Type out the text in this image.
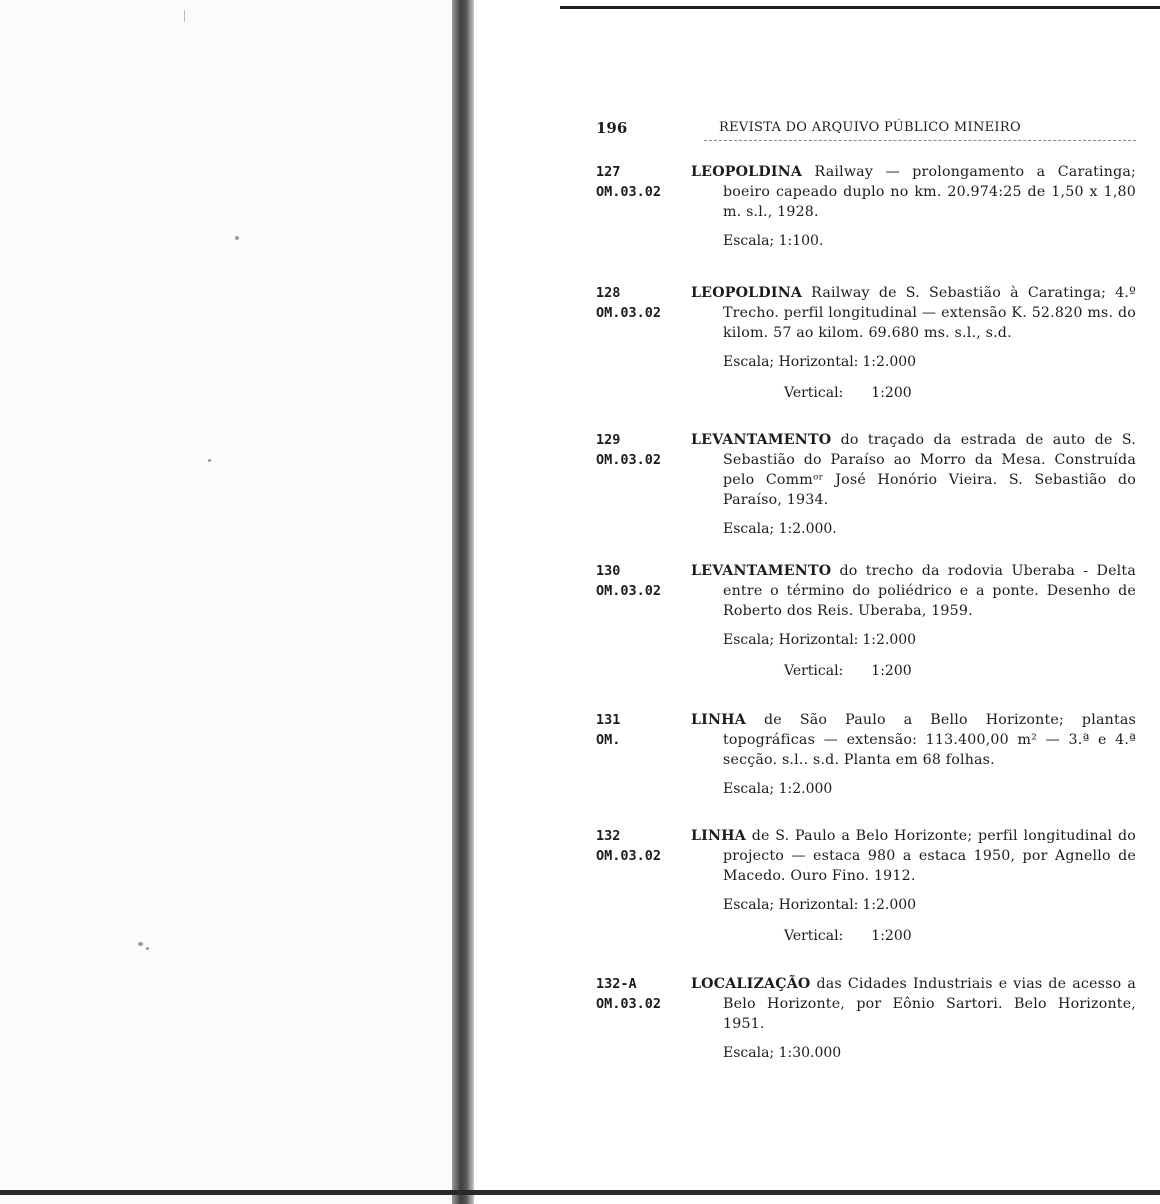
196	REVISTA DO ARQUIVO PÚBLICO MINEIRO
127
OM.03.02

LEOPOLDINA Railway — prolongamento a Caratinga; boeiro capeado duplo no km. 20.974:25 de 1,50 x 1,80 m. s.l., 1928.

Escala; 1:100.
128
OM.03.02

LEOPOLDINA Railway de S. Sebastião à Caratinga; 4.º Trecho. perfil longitudinal — extensão K. 52.820 ms. do kilom. 57 ao kilom. 69.680 ms. s.l., s.d.

Escala; Horizontal: 1:2.000
Vertical: 1:200
129
OM.03.02

LEVANTAMENTO do traçado da estrada de auto de S. Sebastião do Paraíso ao Morro da Mesa. Construída pelo Commᵒʳ José Honório Vieira. S. Sebastião do Paraíso, 1934.

Escala; 1:2.000.
130
OM.03.02

LEVANTAMENTO do trecho da rodovia Uberaba - Delta entre o término do poliédrico e a ponte. Desenho de Roberto dos Reis. Uberaba, 1959.

Escala; Horizontal: 1:2.000
Vertical: 1:200
131
OM.

LINHA de São Paulo a Bello Horizonte; plantas topográficas — extensão: 113.400,00 m² — 3.ª e 4.ª secção. s.l.. s.d. Planta em 68 folhas.

Escala; 1:2.000
132
OM.03.02

LINHA de S. Paulo a Belo Horizonte; perfil longitudinal do projecto — estaca 980 a estaca 1950, por Agnello de Macedo. Ouro Fino. 1912.

Escala; Horizontal: 1:2.000
Vertical: 1:200
132-A
OM.03.02

LOCALIZAÇÃO das Cidades Industriais e vias de acesso a Belo Horizonte, por Eônio Sartori. Belo Horizonte, 1951.

Escala; 1:30.000
